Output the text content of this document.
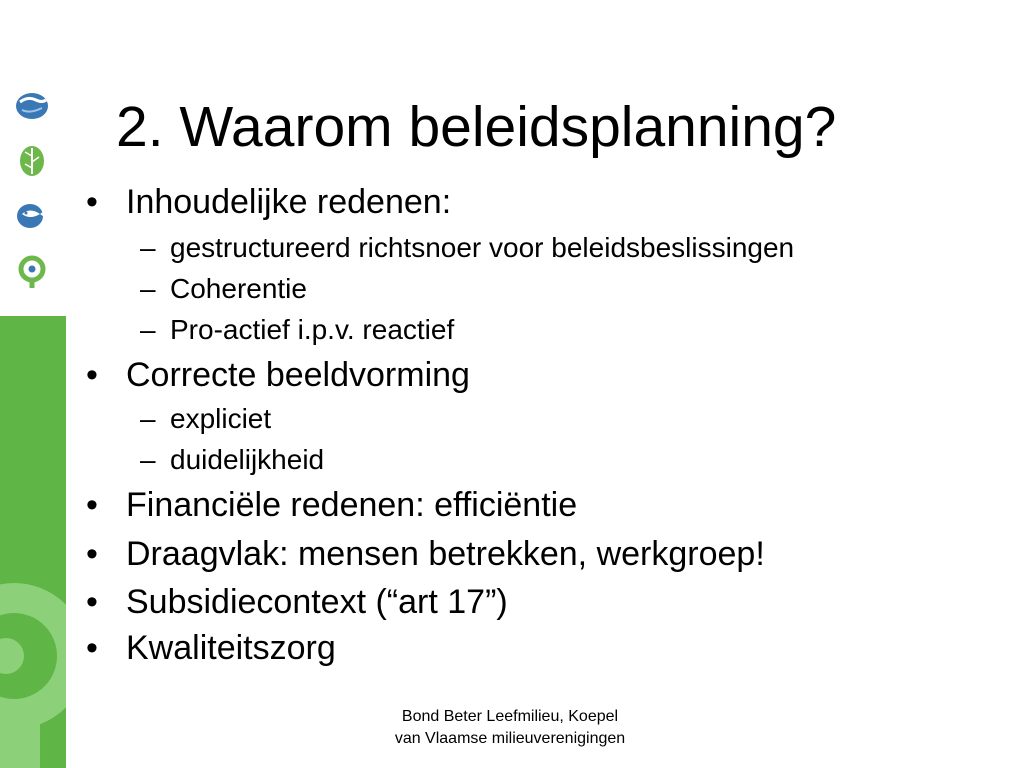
2. Waarom beleidsplanning?
• Inhoudelijke redenen:
– gestructureerd richtsnoer voor beleidsbeslissingen
– Coherentie
– Pro-actief i.p.v. reactief
• Correcte beeldvorming
– expliciet
– duidelijkheid
• Financiële redenen: efficiëntie
• Draagvlak: mensen betrekken, werkgroep!
• Subsidiecontext (“art 17”)
• Kwaliteitszorg
Bond Beter Leefmilieu, Koepel
van Vlaamse milieuverenigingen
